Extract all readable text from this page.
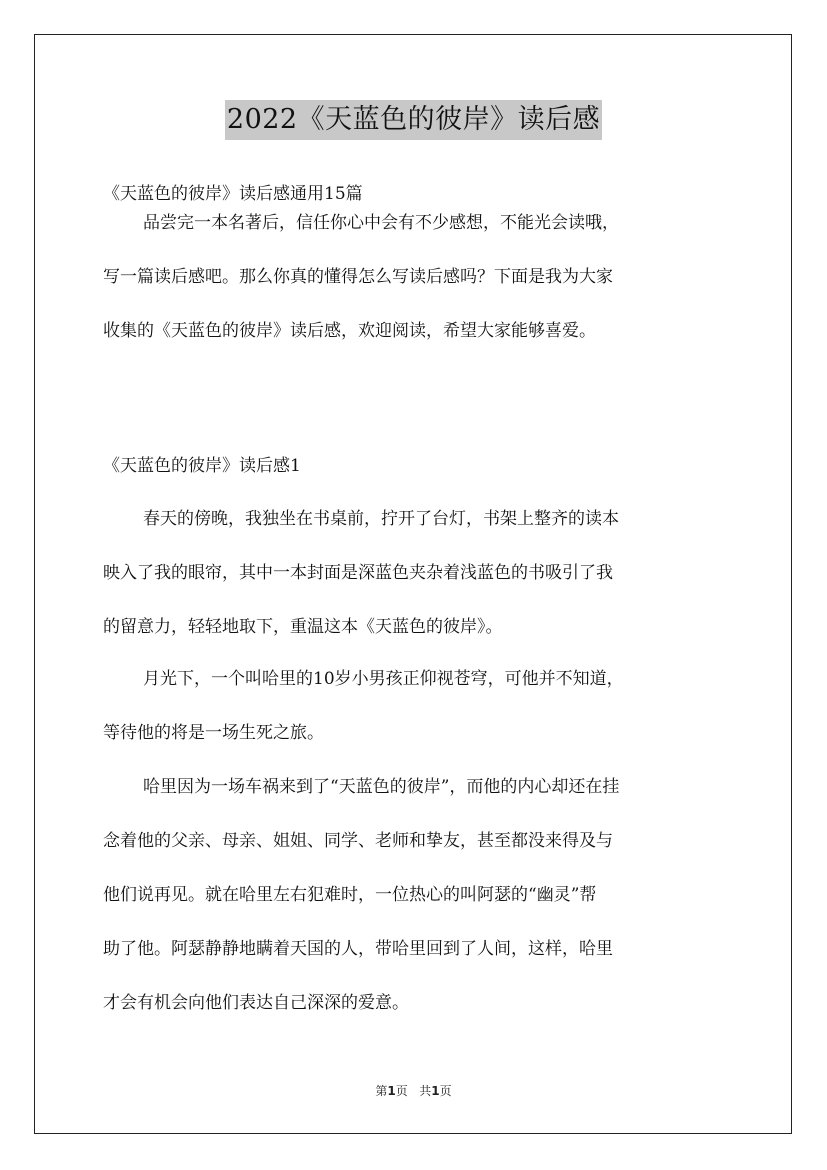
2022《天蓝色的彼岸》读后感
《天蓝色的彼岸》读后感通用15篇
品尝完一本名著后，信任你心中会有不少感想，不能光会读哦，
写一篇读后感吧。那么你真的懂得怎么写读后感吗？下面是我为大家
收集的《天蓝色的彼岸》读后感，欢迎阅读，希望大家能够喜爱。
《天蓝色的彼岸》读后感1
春天的傍晚，我独坐在书桌前，拧开了台灯，书架上整齐的读本
映入了我的眼帘，其中一本封面是深蓝色夹杂着浅蓝色的书吸引了我
的留意力，轻轻地取下，重温这本《天蓝色的彼岸》。
月光下，一个叫哈里的10岁小男孩正仰视苍穹，可他并不知道，
等待他的将是一场生死之旅。
哈里因为一场车祸来到了“天蓝色的彼岸”，而他的内心却还在挂
念着他的父亲、母亲、姐姐、同学、老师和挚友，甚至都没来得及与
他们说再见。就在哈里左右犯难时，一位热心的叫阿瑟的“幽灵”帮
助了他。阿瑟静静地瞒着天国的人，带哈里回到了人间，这样，哈里
才会有机会向他们表达自己深深的爱意。
第1页 共1页
